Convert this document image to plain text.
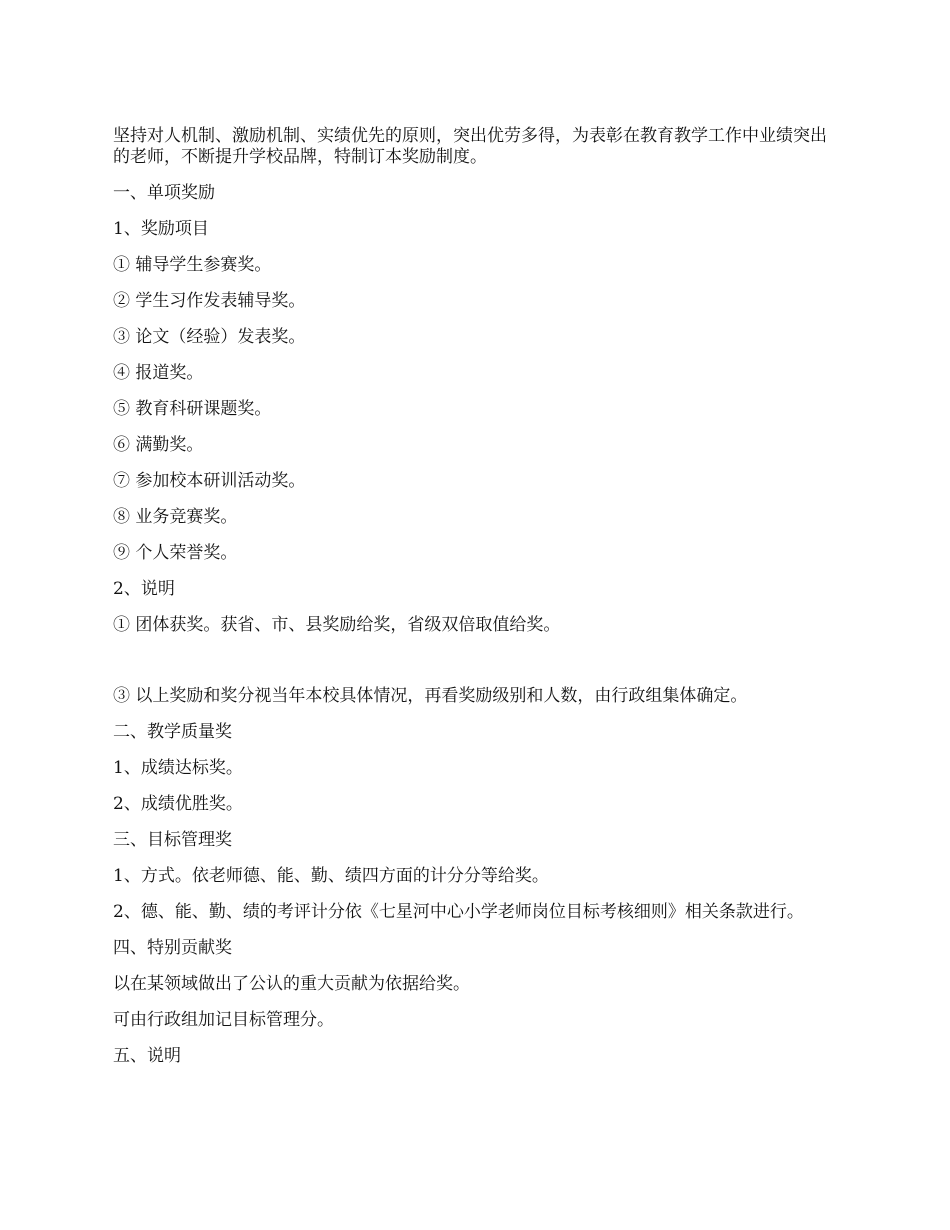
坚持对人机制、激励机制、实绩优先的原则，突出优劳多得，为表彰在教育教学工作中业绩突出的老师，不断提升学校品牌，特制订本奖励制度。

一、单项奖励

1、奖励项目

① 辅导学生参赛奖。

② 学生习作发表辅导奖。

③ 论文（经验）发表奖。

④ 报道奖。

⑤ 教育科研课题奖。

⑥ 满勤奖。

⑦ 参加校本研训活动奖。

⑧ 业务竞赛奖。

⑨ 个人荣誉奖。

2、说明

① 团体获奖。获省、市、县奖励给奖，省级双倍取值给奖。

③ 以上奖励和奖分视当年本校具体情况，再看奖励级别和人数，由行政组集体确定。

二、教学质量奖

1、成绩达标奖。

2、成绩优胜奖。

三、目标管理奖

1、方式。依老师德、能、勤、绩四方面的计分分等给奖。

2、德、能、勤、绩的考评计分依《七星河中心小学老师岗位目标考核细则》相关条款进行。

四、特别贡献奖

以在某领域做出了公认的重大贡献为依据给奖。

可由行政组加记目标管理分。

五、说明
